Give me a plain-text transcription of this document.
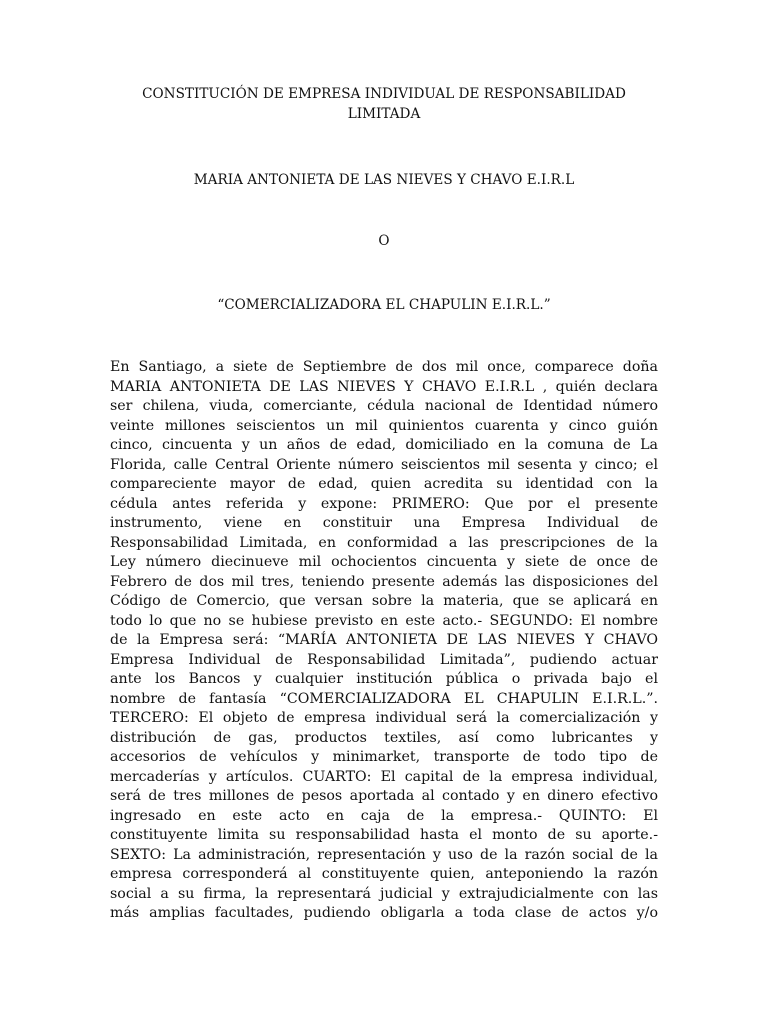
CONSTITUCIÓN DE EMPRESA INDIVIDUAL DE RESPONSABILIDAD
LIMITADA
MARIA ANTONIETA DE LAS NIEVES Y CHAVO E.I.R.L
O
“COMERCIALIZADORA EL CHAPULIN E.I.R.L.”
En Santiago, a siete de Septiembre de dos mil once, comparece doña
MARIA ANTONIETA DE LAS NIEVES Y CHAVO E.I.R.L , quién declara
ser chilena, viuda, comerciante, cédula nacional de Identidad número
veinte millones seiscientos un mil quinientos cuarenta y cinco guión
cinco, cincuenta y un años de edad, domiciliado en la comuna de La
Florida, calle Central Oriente número seiscientos mil sesenta y cinco; el
compareciente mayor de edad, quien acredita su identidad con la
cédula antes referida y expone: PRIMERO: Que por el presente
instrumento, viene en constituir una Empresa Individual de
Responsabilidad Limitada, en conformidad a las prescripciones de la
Ley número diecinueve mil ochocientos cincuenta y siete de once de
Febrero de dos mil tres, teniendo presente además las disposiciones del
Código de Comercio, que versan sobre la materia, que se aplicará en
todo lo que no se hubiese previsto en este acto.- SEGUNDO: El nombre
de la Empresa será: “MARÍA ANTONIETA DE LAS NIEVES Y CHAVO
Empresa Individual de Responsabilidad Limitada”, pudiendo actuar
ante los Bancos y cualquier institución pública o privada bajo el
nombre de fantasía “COMERCIALIZADORA EL CHAPULIN E.I.R.L.”.
TERCERO: El objeto de empresa individual será la comercialización y
distribución de gas, productos textiles, así como lubricantes y
accesorios de vehículos y minimarket, transporte de todo tipo de
mercaderías y artículos. CUARTO: El capital de la empresa individual,
será de tres millones de pesos aportada al contado y en dinero efectivo
ingresado en este acto en caja de la empresa.- QUINTO: El
constituyente limita su responsabilidad hasta el monto de su aporte.-
SEXTO: La administración, representación y uso de la razón social de la
empresa corresponderá al constituyente quien, anteponiendo la razón
social a su firma, la representará judicial y extrajudicialmente con las
más amplias facultades, pudiendo obligarla a toda clase de actos y/o
